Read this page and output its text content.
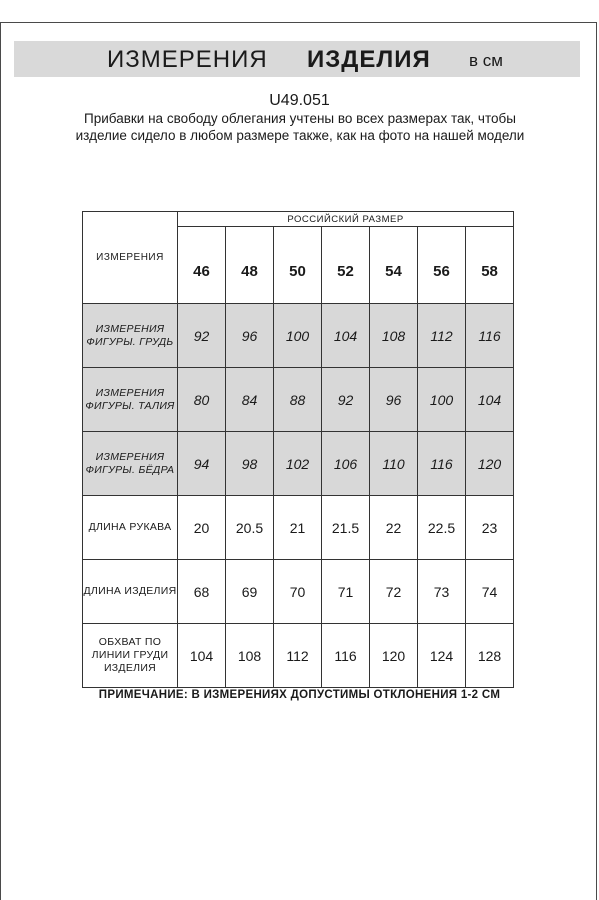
ИЗМЕРЕНИЯ ИЗДЕЛИЯ в см
U49.051
Прибавки на свободу облегания учтены во всех размерах так, чтобы изделие сидело в любом размере также, как на фото на нашей модели
ИЗМЕРЕНИЯ	РОССИЙСКИЙ РАЗМЕР						
	46	48	50	52	54	56	58
ИЗМЕРЕНИЯ ФИГУРЫ. ГРУДЬ	92	96	100	104	108	112	116
ИЗМЕРЕНИЯ ФИГУРЫ. ТАЛИЯ	80	84	88	92	96	100	104
ИЗМЕРЕНИЯ ФИГУРЫ. БЁДРА	94	98	102	106	110	116	120
ДЛИНА РУКАВА	20	20.5	21	21.5	22	22.5	23
ДЛИНА ИЗДЕЛИЯ	68	69	70	71	72	73	74
ОБХВАТ ПО ЛИНИИ ГРУДИ ИЗДЕЛИЯ	104	108	112	116	120	124	128
ПРИМЕЧАНИЕ: В ИЗМЕРЕНИЯХ ДОПУСТИМЫ ОТКЛОНЕНИЯ 1-2 СМ
